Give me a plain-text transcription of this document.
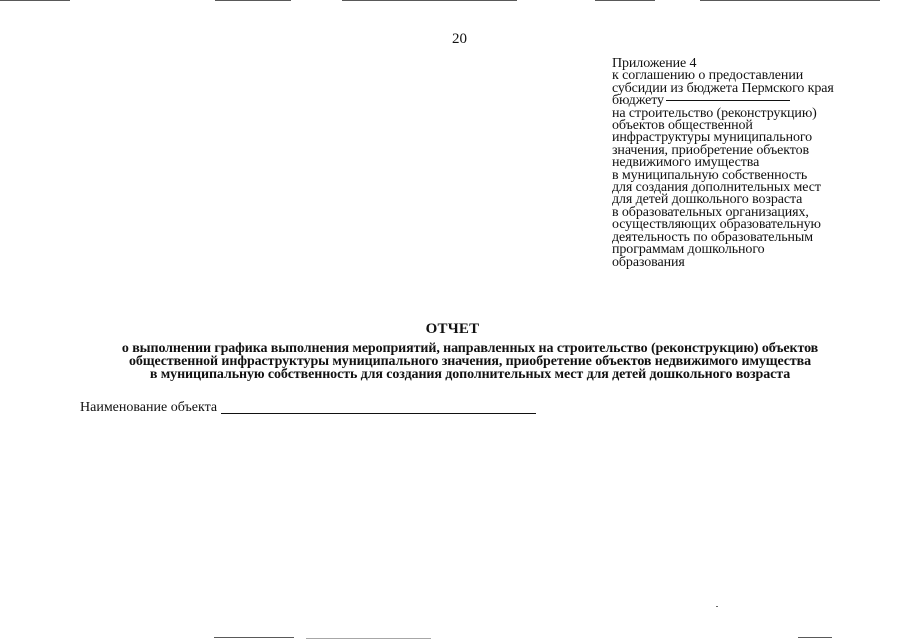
20
Приложение 4
к соглашению о предоставлении
субсидии из бюджета Пермского края
бюджету
на строительство (реконструкцию)
объектов общественной
инфраструктуры муниципального
значения, приобретение объектов
недвижимого имущества
в муниципальную собственность
для создания дополнительных мест
для детей дошкольного возраста
в образовательных организациях,
осуществляющих образовательную
деятельность по образовательным
программам дошкольного
образования
ОТЧЕТ
о выполнении графика выполнения мероприятий, направленных на строительство (реконструкцию) объектов
общественной инфраструктуры муниципального значения, приобретение объектов недвижимого имущества
в муниципальную собственность для создания дополнительных мест для детей дошкольного возраста
Наименование объекта
